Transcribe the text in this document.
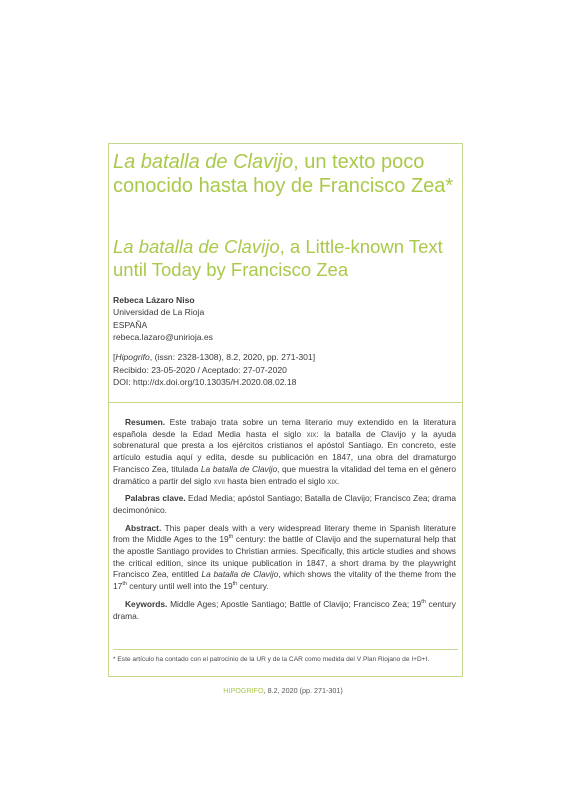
La batalla de Clavijo, un texto poco conocido hasta hoy de Francisco Zea*
La batalla de Clavijo, a Little-known Text until Today by Francisco Zea
Rebeca Lázaro Niso
Universidad de La Rioja
ESPAÑA
rebeca.lazaro@unirioja.es
[Hipogrifo, (issn: 2328-1308), 8.2, 2020, pp. 271-301]
Recibido: 23-05-2020 / Aceptado: 27-07-2020
DOI: http://dx.doi.org/10.13035/H.2020.08.02.18

Resumen. Este trabajo trata sobre un tema literario muy extendido en la literatura española desde la Edad Media hasta el siglo xix: la batalla de Clavijo y la ayuda sobrenatural que presta a los ejércitos cristianos el apóstol Santiago. En concreto, este artículo estudia aquí y edita, desde su publicación en 1847, una obra del dramaturgo Francisco Zea, titulada La batalla de Clavijo, que muestra la vitalidad del tema en el género dramático a partir del siglo xvii hasta bien entrado el siglo xix.

Palabras clave. Edad Media; apóstol Santiago; Batalla de Clavijo; Francisco Zea; drama decimonónico.

Abstract. This paper deals with a very widespread literary theme in Spanish literature from the Middle Ages to the 19th century: the battle of Clavijo and the supernatural help that the apostle Santiago provides to Christian armies. Specifically, this article studies and shows the critical edition, since its unique publication in 1847, a short drama by the playwright Francisco Zea, entitled La batalla de Clavijo, which shows the vitality of the theme from the 17th century until well into the 19th century.

Keywords. Middle Ages; Apostle Santiago; Battle of Clavijo; Francisco Zea; 19th century drama.

* Este artículo ha contado con el patrocinio de la UR y de la CAR como medida del V Plan Riojano de I+D+I.
HIPOGRIFO, 8.2, 2020 (pp. 271-301)
